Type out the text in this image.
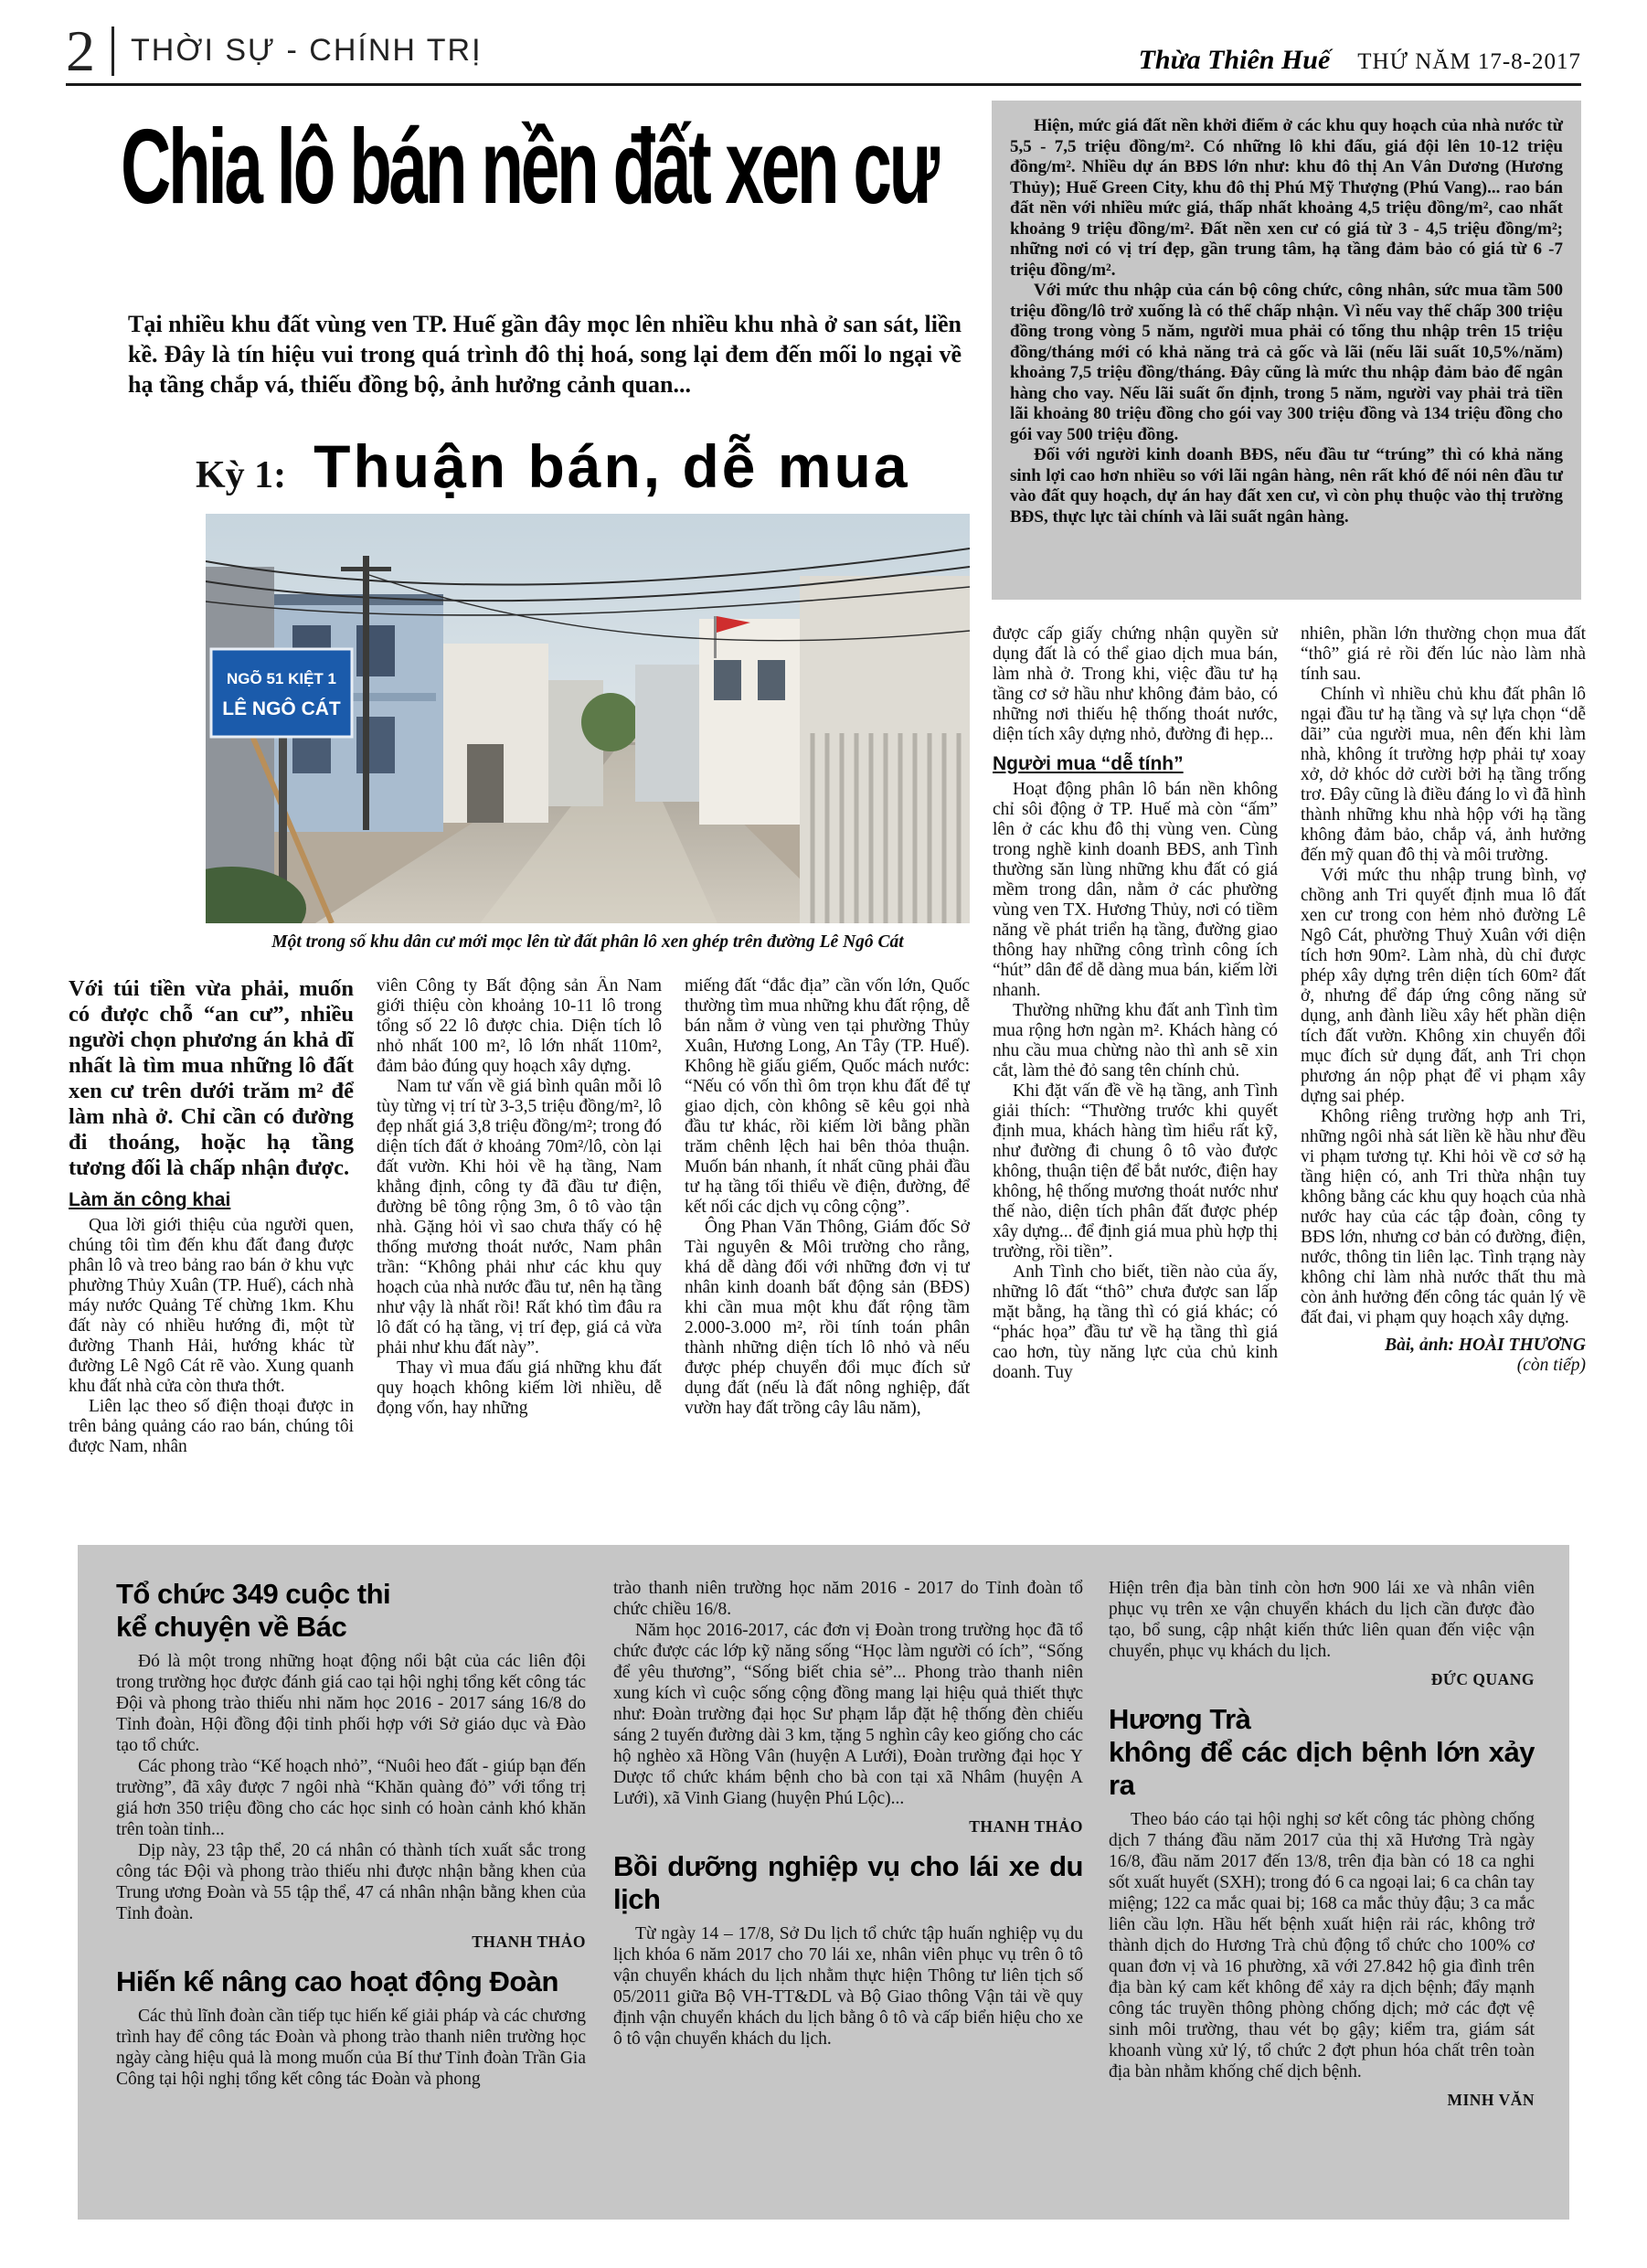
2 THỜI SỰ - CHÍNH TRỊ	Thừa Thiên Huế THỨ NĂM 17-8-2017
Chia lô bán nền đất xen cư

Tại nhiều khu đất vùng ven TP. Huế gần đây mọc lên nhiều khu nhà ở san sát, liền kề. Đây là tín hiệu vui trong quá trình đô thị hoá, song lại đem đến mối lo ngại về hạ tầng chắp vá, thiếu đồng bộ, ảnh hưởng cảnh quan...

Kỳ 1: Thuận bán, dễ mua

Hiện, mức giá đất nền khởi điểm ở các khu quy hoạch của nhà nước từ 5,5 - 7,5 triệu đồng/m². Có những lô khi đấu, giá đội lên 10-12 triệu đồng/m². Nhiều dự án BĐS lớn như: khu đô thị An Vân Dương (Hương Thủy); Huế Green City, khu đô thị Phú Mỹ Thượng (Phú Vang)... rao bán đất nền với nhiều mức giá, thấp nhất khoảng 4,5 triệu đồng/m², cao nhất khoảng 9 triệu đồng/m². Đất nền xen cư có giá từ 3 - 4,5 triệu đồng/m²; những nơi có vị trí đẹp, gần trung tâm, hạ tầng đảm bảo có giá từ 6 -7 triệu đồng/m².

Với mức thu nhập của cán bộ công chức, công nhân, sức mua tầm 500 triệu đồng/lô trở xuống là có thể chấp nhận. Vì nếu vay thế chấp 300 triệu đồng trong vòng 5 năm, người mua phải có tổng thu nhập trên 15 triệu đồng/tháng mới có khả năng trả cả gốc và lãi (nếu lãi suất 10,5%/năm) khoảng 7,5 triệu đồng/tháng. Đây cũng là mức thu nhập đảm bảo để ngân hàng cho vay. Nếu lãi suất ổn định, trong 5 năm, người vay phải trả tiền lãi khoảng 80 triệu đồng cho gói vay 300 triệu đồng và 134 triệu đồng cho gói vay 500 triệu đồng.

Đối với người kinh doanh BĐS, nếu đầu tư “trúng” thì có khả năng sinh lợi cao hơn nhiều so với lãi ngân hàng, nên rất khó để nói nên đầu tư vào đất quy hoạch, dự án hay đất xen cư, vì còn phụ thuộc vào thị trường BĐS, thực lực tài chính và lãi suất ngân hàng.

NGÕ 51 KIỆT 1
LÊ NGÔ CÁT
Một trong số khu dân cư mới mọc lên từ đất phân lô xen ghép trên đường Lê Ngô Cát

Với túi tiền vừa phải, muốn có được chỗ “an cư”, nhiều người chọn phương án khả dĩ nhất là tìm mua những lô đất xen cư trên dưới trăm m² để làm nhà ở. Chỉ cần có đường đi thoáng, hoặc hạ tầng tương đối là chấp nhận được.

Làm ăn công khai

Qua lời giới thiệu của người quen, chúng tôi tìm đến khu đất đang được phân lô và treo bảng rao bán ở khu vực phường Thủy Xuân (TP. Huế), cách nhà máy nước Quảng Tế chừng 1km. Khu đất này có nhiều hướng đi, một từ đường Thanh Hải, hướng khác từ đường Lê Ngô Cát rẽ vào. Xung quanh khu đất nhà cửa còn thưa thớt.

Liên lạc theo số điện thoại được in trên bảng quảng cáo rao bán, chúng tôi được Nam, nhân

viên Công ty Bất động sản Ân Nam giới thiệu còn khoảng 10-11 lô trong tổng số 22 lô được chia. Diện tích lô nhỏ nhất 100 m², lô lớn nhất 110m², đảm bảo đúng quy hoạch xây dựng.

Nam tư vấn về giá bình quân mỗi lô tùy từng vị trí từ 3-3,5 triệu đồng/m², lô đẹp nhất giá 3,8 triệu đồng/m²; trong đó diện tích đất ở khoảng 70m²/lô, còn lại đất vườn. Khi hỏi về hạ tầng, Nam khẳng định, công ty đã đầu tư điện, đường bê tông rộng 3m, ô tô vào tận nhà. Gặng hỏi vì sao chưa thấy có hệ thống mương thoát nước, Nam phân trần: “Không phải như các khu quy hoạch của nhà nước đầu tư, nên hạ tầng như vậy là nhất rồi! Rất khó tìm đâu ra lô đất có hạ tầng, vị trí đẹp, giá cả vừa phải như khu đất này”.

Thay vì mua đấu giá những khu đất quy hoạch không kiếm lời nhiều, dễ đọng vốn, hay những

miếng đất “đắc địa” cần vốn lớn, Quốc thường tìm mua những khu đất rộng, dễ bán nằm ở vùng ven tại phường Thủy Xuân, Hương Long, An Tây (TP. Huế). Không hề giấu giếm, Quốc mách nước: “Nếu có vốn thì ôm trọn khu đất để tự giao dịch, còn không sẽ kêu gọi nhà đầu tư khác, rồi kiếm lời bằng phần trăm chênh lệch hai bên thỏa thuận. Muốn bán nhanh, ít nhất cũng phải đầu tư hạ tầng tối thiểu về điện, đường, để kết nối các dịch vụ công cộng”.

Ông Phan Văn Thông, Giám đốc Sở Tài nguyên & Môi trường cho rằng, khá dễ dàng đối với những đơn vị tư nhân kinh doanh bất động sản (BĐS) khi cần mua một khu đất rộng tầm 2.000-3.000 m², rồi tính toán phân thành những diện tích lô nhỏ và nếu được phép chuyển đổi mục đích sử dụng đất (nếu là đất nông nghiệp, đất vườn hay đất trồng cây lâu năm),

được cấp giấy chứng nhận quyền sử dụng đất là có thể giao dịch mua bán, làm nhà ở. Trong khi, việc đầu tư hạ tầng cơ sở hầu như không đảm bảo, có những nơi thiếu hệ thống thoát nước, diện tích xây dựng nhỏ, đường đi hẹp...

Người mua “dễ tính”

Hoạt động phân lô bán nền không chỉ sôi động ở TP. Huế mà còn “ấm” lên ở các khu đô thị vùng ven. Cùng trong nghề kinh doanh BĐS, anh Tình thường săn lùng những khu đất có giá mềm trong dân, nằm ở các phường vùng ven TX. Hương Thủy, nơi có tiềm năng về phát triển hạ tầng, đường giao thông hay những công trình công ích “hút” dân để dễ dàng mua bán, kiếm lời nhanh.

Thường những khu đất anh Tình tìm mua rộng hơn ngàn m². Khách hàng có nhu cầu mua chừng nào thì anh sẽ xin cắt, làm thẻ đỏ sang tên chính chủ.

Khi đặt vấn đề về hạ tầng, anh Tình giải thích: “Thường trước khi quyết định mua, khách hàng tìm hiểu rất kỹ, như đường đi chung ô tô vào được không, thuận tiện để bắt nước, điện hay không, hệ thống mương thoát nước như thế nào, diện tích phân đất được phép xây dựng... để định giá mua phù hợp thị trường, rồi tiền”.

Anh Tình cho biết, tiền nào của ấy, những lô đất “thô” chưa được san lấp mặt bằng, hạ tầng thì có giá khác; có “phác họa” đầu tư về hạ tầng thì giá cao hơn, tùy năng lực của chủ kinh doanh. Tuy

nhiên, phần lớn thường chọn mua đất “thô” giá rẻ rồi đến lúc nào làm nhà tính sau.

Chính vì nhiều chủ khu đất phân lô ngại đầu tư hạ tầng và sự lựa chọn “dễ dãi” của người mua, nên đến khi làm nhà, không ít trường hợp phải tự xoay xở, dở khóc dở cười bởi hạ tầng trống trơ. Đây cũng là điều đáng lo vì đã hình thành những khu nhà hộp với hạ tầng không đảm bảo, chắp vá, ảnh hưởng đến mỹ quan đô thị và môi trường.

Với mức thu nhập trung bình, vợ chồng anh Tri quyết định mua lô đất xen cư trong con hẻm nhỏ đường Lê Ngô Cát, phường Thuỷ Xuân với diện tích hơn 90m². Làm nhà, dù chỉ được phép xây dựng trên diện tích 60m² đất ở, nhưng để đáp ứng công năng sử dụng, anh đành liều xây hết phần diện tích đất vườn. Không xin chuyển đổi mục đích sử dụng đất, anh Tri chọn phương án nộp phạt để vi phạm xây dựng sai phép.

Không riêng trường hợp anh Tri, những ngôi nhà sát liền kề hầu như đều vi phạm tương tự. Khi hỏi về cơ sở hạ tầng hiện có, anh Tri thừa nhận tuy không bằng các khu quy hoạch của nhà nước hay của các tập đoàn, công ty BĐS lớn, nhưng cơ bản có đường, điện, nước, thông tin liên lạc. Tình trạng này không chỉ làm nhà nước thất thu mà còn ảnh hưởng đến công tác quản lý về đất đai, vi phạm quy hoạch xây dựng.

Bài, ảnh: HOÀI THƯƠNG

(còn tiếp)

Tổ chức 349 cuộc thi
kể chuyện về Bác

Đó là một trong những hoạt động nổi bật của các liên đội trong trường học được đánh giá cao tại hội nghị tổng kết công tác Đội và phong trào thiếu nhi năm học 2016 - 2017 sáng 16/8 do Tỉnh đoàn, Hội đồng đội tỉnh phối hợp với Sở giáo dục và Đào tạo tổ chức.

Các phong trào “Kế hoạch nhỏ”, “Nuôi heo đất - giúp bạn đến trường”, đã xây được 7 ngôi nhà “Khăn quàng đỏ” với tổng trị giá hơn 350 triệu đồng cho các học sinh có hoàn cảnh khó khăn trên toàn tỉnh...

Dịp này, 23 tập thể, 20 cá nhân có thành tích xuất sắc trong công tác Đội và phong trào thiếu nhi được nhận bằng khen của Trung ương Đoàn và 55 tập thể, 47 cá nhân nhận bằng khen của Tỉnh đoàn.

THANH THẢO

Hiến kế nâng cao hoạt động Đoàn

Các thủ lĩnh đoàn cần tiếp tục hiến kế giải pháp và các chương trình hay để công tác Đoàn và phong trào thanh niên trường học ngày càng hiệu quả là mong muốn của Bí thư Tỉnh đoàn Trần Gia Công tại hội nghị tổng kết công tác Đoàn và phong

trào thanh niên trường học năm 2016 - 2017 do Tỉnh đoàn tổ chức chiều 16/8.

Năm học 2016-2017, các đơn vị Đoàn trong trường học đã tổ chức được các lớp kỹ năng sống “Học làm người có ích”, “Sống để yêu thương”, “Sống biết chia sẻ”... Phong trào thanh niên xung kích vì cuộc sống cộng đồng mang lại hiệu quả thiết thực như: Đoàn trường đại học Sư phạm lắp đặt hệ thống đèn chiếu sáng 2 tuyến đường dài 3 km, tặng 5 nghìn cây keo giống cho các hộ nghèo xã Hồng Vân (huyện A Lưới), Đoàn trường đại học Y Dược tổ chức khám bệnh cho bà con tại xã Nhâm (huyện A Lưới), xã Vinh Giang (huyện Phú Lộc)...

THANH THẢO

Bồi dưỡng nghiệp vụ cho lái xe du lịch

Từ ngày 14 – 17/8, Sở Du lịch tổ chức tập huấn nghiệp vụ du lịch khóa 6 năm 2017 cho 70 lái xe, nhân viên phục vụ trên ô tô vận chuyển khách du lịch nhằm thực hiện Thông tư liên tịch số 05/2011 giữa Bộ VH-TT&DL và Bộ Giao thông Vận tải về quy định vận chuyển khách du lịch bằng ô tô và cấp biển hiệu cho xe ô tô vận chuyển khách du lịch.

Hiện trên địa bàn tỉnh còn hơn 900 lái xe và nhân viên phục vụ trên xe vận chuyển khách du lịch cần được đào tạo, bổ sung, cập nhật kiến thức liên quan đến việc vận chuyển, phục vụ khách du lịch.

ĐỨC QUANG

Hương Trà
không để các dịch bệnh lớn xảy ra

Theo báo cáo tại hội nghị sơ kết công tác phòng chống dịch 7 tháng đầu năm 2017 của thị xã Hương Trà ngày 16/8, đầu năm 2017 đến 13/8, trên địa bàn có 18 ca nghi sốt xuất huyết (SXH); trong đó 6 ca ngoại lai; 6 ca chân tay miệng; 122 ca mắc quai bị; 168 ca mắc thủy đậu; 3 ca mắc liên cầu lợn. Hầu hết bệnh xuất hiện rải rác, không trở thành dịch do Hương Trà chủ động tổ chức cho 100% cơ quan đơn vị và 16 phường, xã với 27.842 hộ gia đình trên địa bàn ký cam kết không để xảy ra dịch bệnh; đẩy mạnh công tác truyền thông phòng chống dịch; mở các đợt vệ sinh môi trường, thau vét bọ gậy; kiểm tra, giám sát khoanh vùng xử lý, tổ chức 2 đợt phun hóa chất trên toàn địa bàn nhằm khống chế dịch bệnh.

MINH VĂN
